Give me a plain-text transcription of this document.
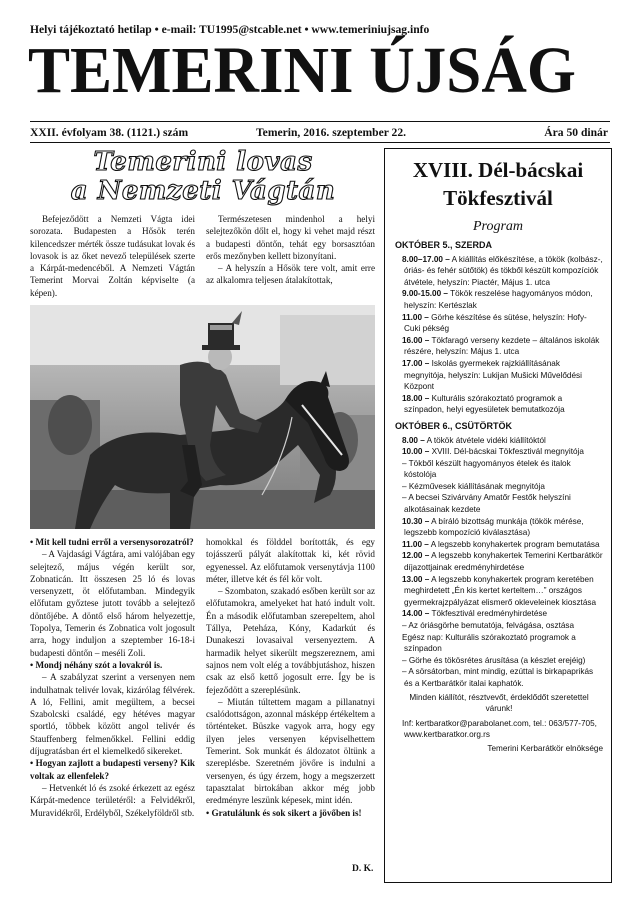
Helyi tájékoztató hetilap • e-mail: TU1995@stcable.net • www.temeriniujsag.info
TEMERINI ÚJSÁG
XXII. évfolyam 38. (1121.) szám	Temerin, 2016. szeptember 22.	Ára 50 dinár
Temerini lovas
a Nemzeti Vágtán

Befejeződött a Nemzeti Vágta idei sorozata. Budapesten a Hősök terén kilencedszer mérték össze tudásukat lovak és lovasok is az őket nevező települések szerte a Kárpát-medencéből. A Nemzeti Vágtán Temerint Morvai Zoltán képviselte (a képen).

Természetesen mindenhol a helyi selejtezőkön dőlt el, hogy ki vehet majd részt a budapesti döntőn, tehát egy borsasztóan erős mezőnyben kellett bizonyítani.

– A helyszín a Hősök tere volt, amit erre az alkalomra teljesen átalakítottak,

• Mit kell tudni erről a versenysorozatról?

– A Vajdasági Vágtára, ami valójában egy selejtező, május végén került sor, Zobnaticán. Itt összesen 25 ló és lovas versenyzett, öt előfutamban. Mindegyik előfutam győztese jutott tovább a selejtező döntőjébe. A döntő első három helyezettje, Topolya, Temerin és Zobnatica volt jogosult arra, hogy induljon a szeptember 16-18-i budapesti döntőn – meséli Zoli.

• Mondj néhány szót a lovakról is.

– A szabályzat szerint a versenyen nem indulhatnak telivér lovak, kizárólag félvérek. A ló, Fellini, amit megültem, a becsei Szabolcski családé, egy hétéves magyar sportló, többek között angol telivér és Stauffenberg felmenőkkel. Fellini eddig díjugratásban ért el kiemelkedő sikereket.

• Hogyan zajlott a budapesti verseny? Kik voltak az ellenfelek?

– Hetvenkét ló és zsoké érkezett az egész Kárpát-medence területéről: a Felvidékről, Muravidékről, Erdélyből, Székelyföldről stb.

homokkal és földdel borították, és egy tojásszerű pályát alakítottak ki, két rövid egyenessel. Az előfutamok versenytávja 1100 méter, illetve két és fél kör volt.

– Szombaton, szakadó esőben került sor az előfutamokra, amelyeket hat ható indult volt. Én a második előfutamban szerepeltem, ahol Tállya, Peteháza, Kóny, Kadarkút és Dunakeszi lovasaival versenyeztem. A harmadik helyet sikerült megszereznem, ami sajnos nem volt elég a továbbjutáshoz, hiszen csak az első kettő jogosult erre. Így be is fejeződött a szereplésünk.

– Miután túltettem magam a pillanatnyi csalódottságon, azonnal másképp értékeltem a történteket. Büszke vagyok arra, hogy egy ilyen jeles versenyen képviselhettem Temerint. Sok munkát és áldozatot öltünk a szereplésbe. Szeretném jövőre is indulni a versenyen, és úgy érzem, hogy a megszerzett tapasztalat birtokában akkor még jobb eredményre leszünk képesek, mint idén.

• Gratulálunk és sok sikert a jövőben is!

D. K.
XVIII. Dél-bácskai
Tökfesztivál
Program

OKTÓBER 5., SZERDA

8.00–17.00 – A kiállítás előkészítése, a tökök (kolbász-, óriás- és fehér sütőtök) és tökből készült kompozíciók átvétele, helyszín: Piactér, Május 1. utca

9.00-15.00 – Tökök reszelése hagyományos módon, helyszín: Kertészlak

11.00 – Görhe készítése és sütése, helyszín: Hofy-Cuki pékség

16.00 – Tökfaragó verseny kezdete – általános iskolák részére, helyszín: Május 1. utca

17.00 – Iskolás gyermekek rajzkiállításának megnyitója, helyszín: Lukijan Mušicki Művelődési Központ

18.00 – Kulturális szórakoztató programok a színpadon, helyi egyesületek bemutatkozója

OKTÓBER 6., CSÜTÖRTÖK

8.00 – A tökök átvétele vidéki kiállítóktól

10.00 – XVIII. Dél-bácskai Tökfesztivál megnyitója

– Tökből készült hagyományos ételek és italok kóstolója

– Kézművesek kiállításának megnyitója

– A becsei Szivárvány Amatőr Festők helyszíni alkotásainak kezdete

10.30 – A bíráló bizottság munkája (tökök mérése, legszebb kompozíció kiválasztása)

11.00 – A legszebb konyhakertek program bemutatása

12.00 – A legszebb konyhakertek Temerini Kertbarátkör díjazottjainak eredményhirdetése

13.00 – A legszebb konyhakertek program keretében meghirdetett „Én kis kertet kerteltem…” országos gyermekrajzpályázat elismerő okleveleinek kiosztása

14.00 – Tökfesztivál eredményhirdetése

– Az óriásgörhe bemutatója, felvágása, osztása

Egész nap: Kulturális szórakoztató programok a színpadon

– Görhe és tökösrétes árusítása (a készlet erejéig)

– A sörsátorban, mint mindig, ezúttal is birkapaprikás és a Kertbarátkör italai kaphatók.

Minden kiállítót, résztvevőt, érdeklődőt szeretettel várunk!

Inf: kertbaratkor@parabolanet.com, tel.: 063/577-705, www.kertbaratkor.org.rs

Temerini Kerbarátkör elnöksége
